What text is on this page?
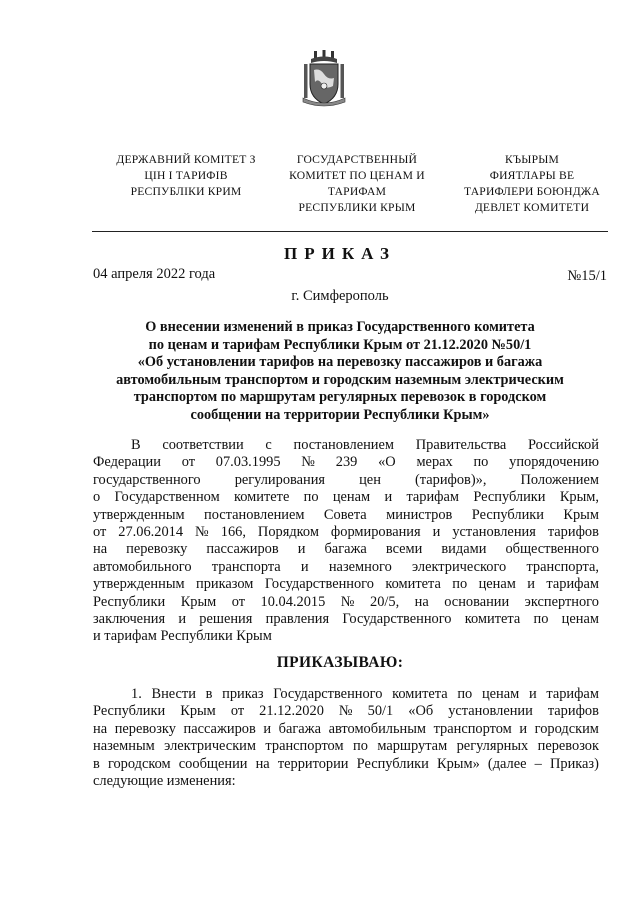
ДЕРЖАВНИЙ КОМІТЕТ З
ЦІН І ТАРИФІВ
РЕСПУБЛІКИ КРИМ
ГОСУДАРСТВЕННЫЙ
КОМИТЕТ ПО ЦЕНАМ И
ТАРИФАМ
РЕСПУБЛИКИ КРЫМ
КЪЫРЫМ
ФИЯТЛАРЫ ВЕ
ТАРИФЛЕРИ БОЮНДЖА
ДЕВЛЕТ КОМИТЕТИ
ПРИКАЗ
04 апреля 2022 года	№15/1
г. Симферополь
О внесении изменений в приказ Государственного комитета
по ценам и тарифам Республики Крым от 21.12.2020 №50/1
«Об установлении тарифов на перевозку пассажиров и багажа
автомобильным транспортом и городским наземным электрическим
транспортом по маршрутам регулярных перевозок в городском
сообщении на территории Республики Крым»
В соответствии с постановлением Правительства Российской
Федерации от 07.03.1995 № 239 «О мерах по упорядочению
государственного регулирования цен (тарифов)», Положением
о Государственном комитете по ценам и тарифам Республики Крым,
утвержденным постановлением Совета министров Республики Крым
от 27.06.2014 № 166, Порядком формирования и установления тарифов
на перевозку пассажиров и багажа всеми видами общественного
автомобильного транспорта и наземного электрического транспорта,
утвержденным приказом Государственного комитета по ценам и тарифам
Республики Крым от 10.04.2015 № 20/5, на основании экспертного
заключения и решения правления Государственного комитета по ценам
и тарифам Республики Крым
ПРИКАЗЫВАЮ:
1. Внести в приказ Государственного комитета по ценам и тарифам
Республики Крым от 21.12.2020 № 50/1 «Об установлении тарифов
на перевозку пассажиров и багажа автомобильным транспортом и городским
наземным электрическим транспортом по маршрутам регулярных перевозок
в городском сообщении на территории Республики Крым» (далее – Приказ)
следующие изменения:
